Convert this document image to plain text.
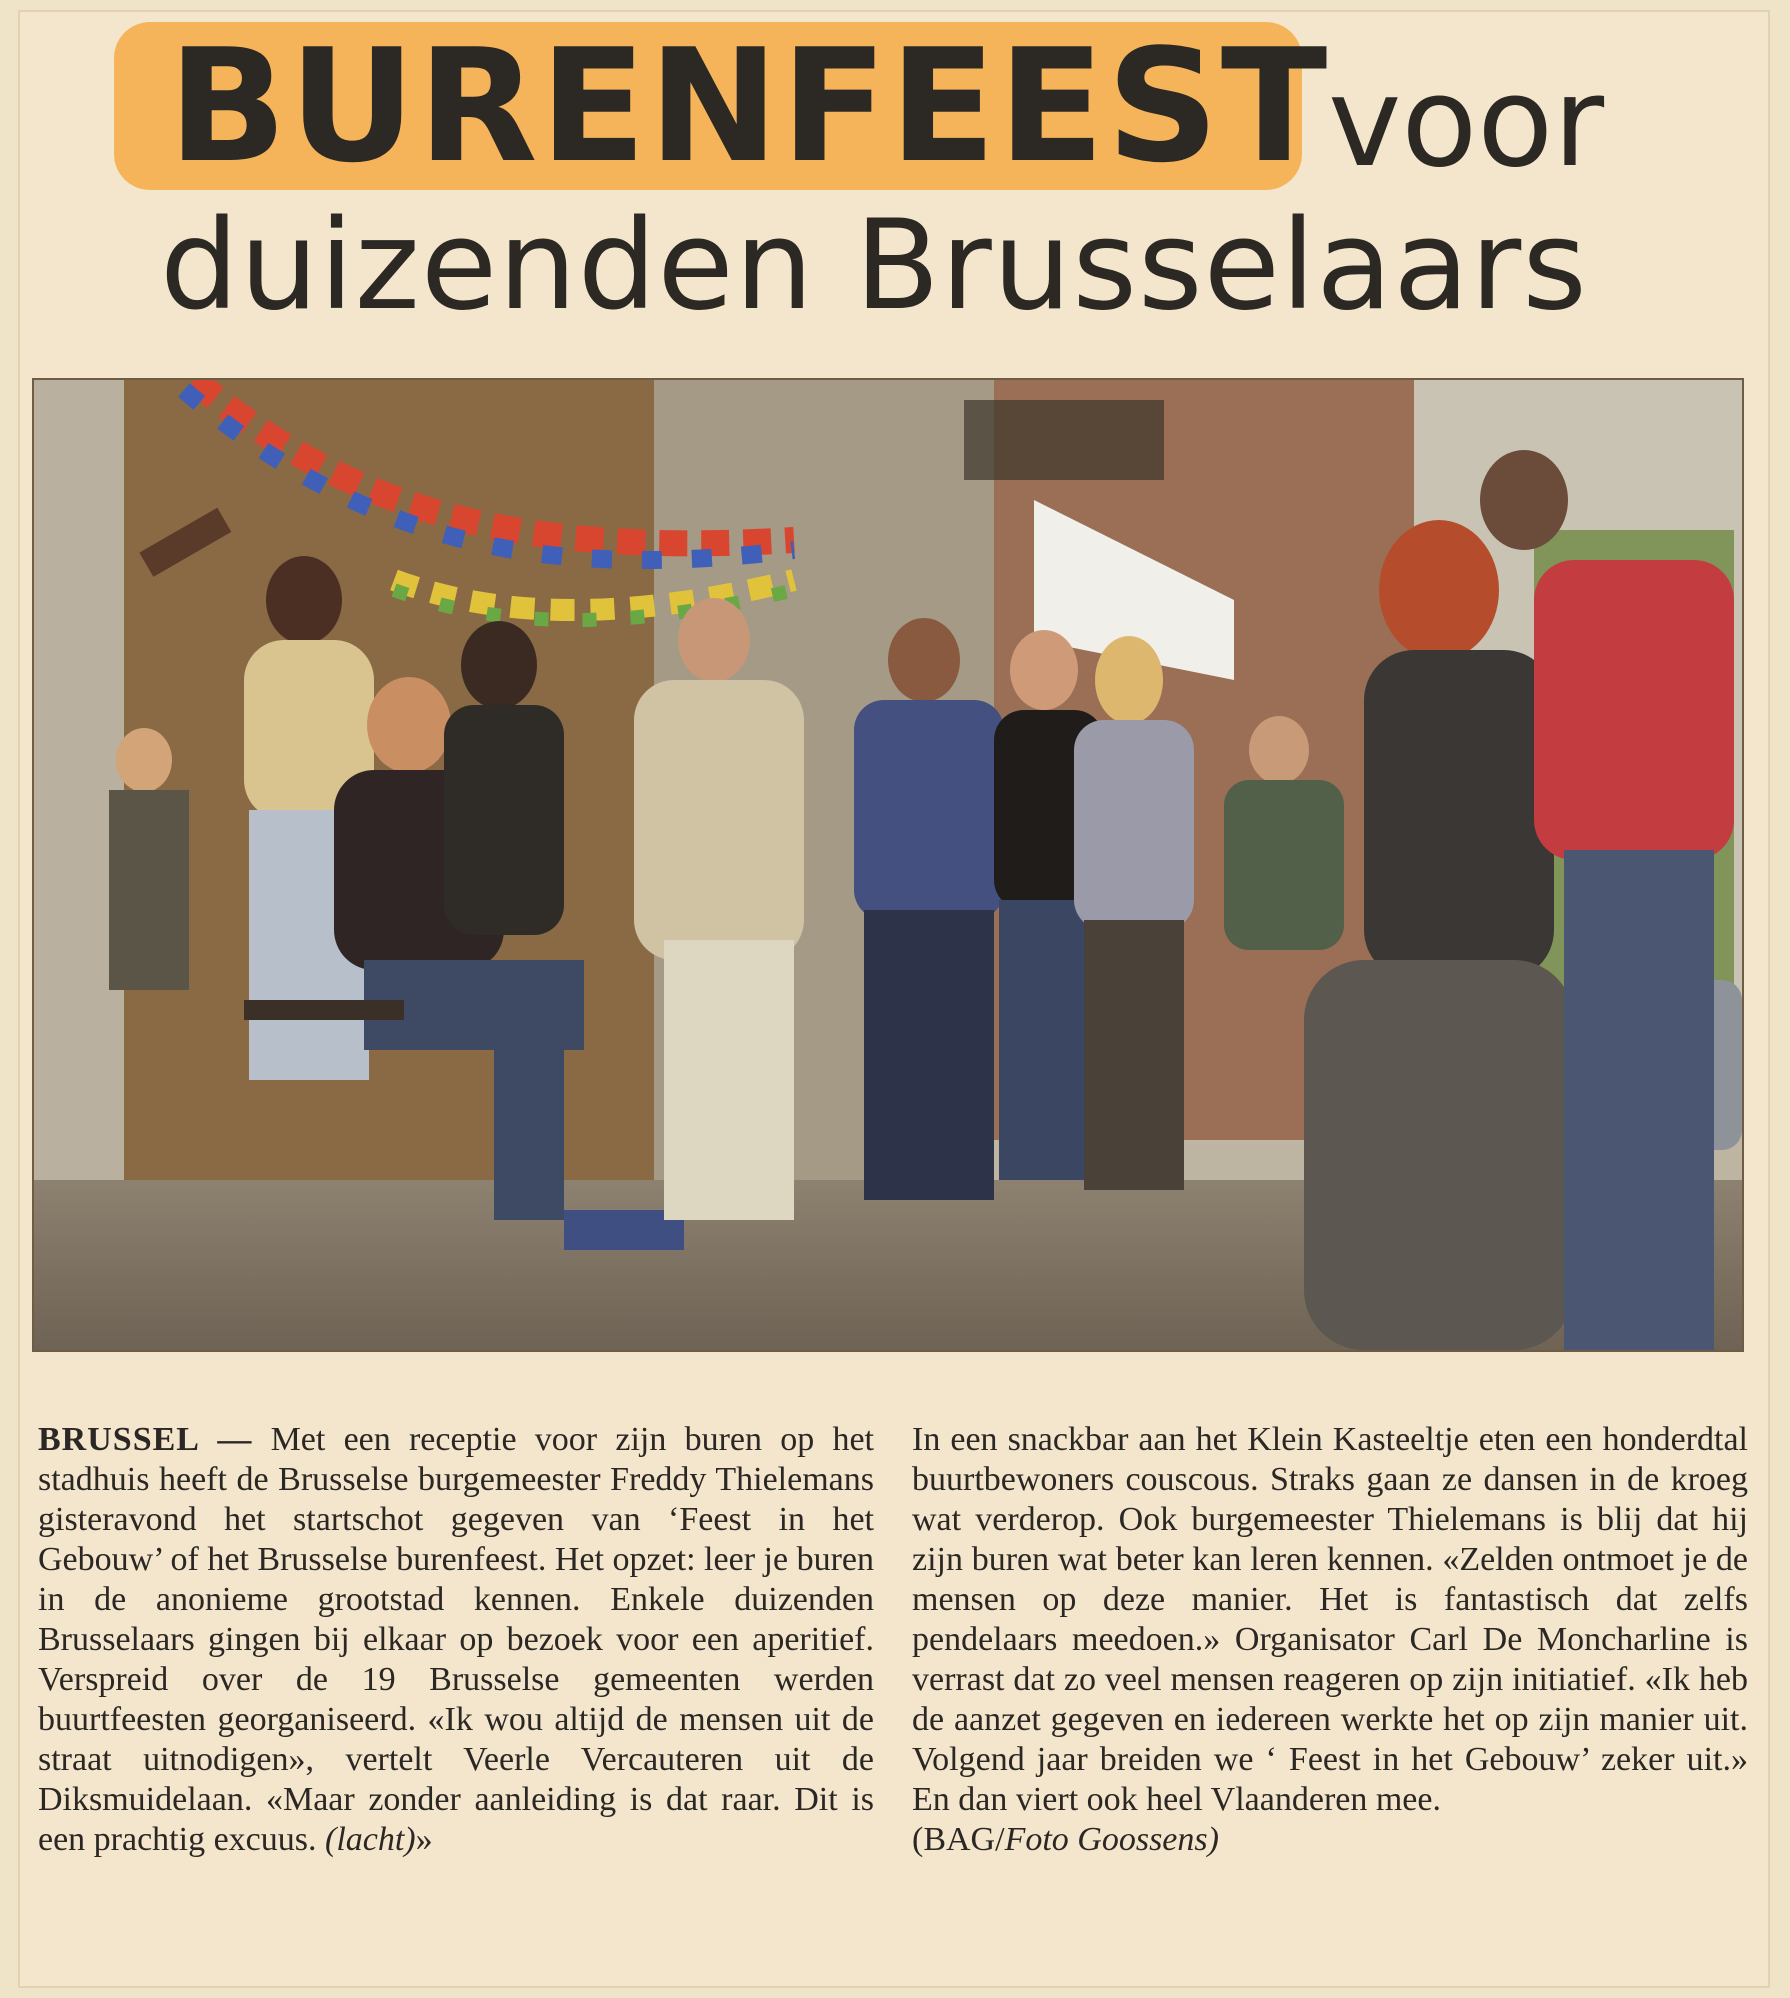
BURENFEEST
voor
duizenden Brusselaars

BRUSSEL — Met een receptie voor zijn buren op het stadhuis heeft de Brusselse burgemeester Freddy Thielemans gisteravond het startschot gegeven van ‘Feest in het Gebouw’ of het Brusselse burenfeest. Het opzet: leer je buren in de anonieme grootstad kennen. Enkele duizenden Brusselaars gingen bij elkaar op bezoek voor een aperitief. Verspreid over de 19 Brusselse gemeenten werden buurtfeesten georganiseerd. «Ik wou altijd de mensen uit de straat uitnodigen», vertelt Veerle Vercauteren uit de Diksmuidelaan. «Maar zonder aanleiding is dat raar. Dit is een prachtig excuus. (lacht)»

In een snackbar aan het Klein Kasteeltje eten een honderdtal buurtbewoners couscous. Straks gaan ze dansen in de kroeg wat verderop. Ook burgemeester Thielemans is blij dat hij zijn buren wat beter kan leren kennen. «Zelden ontmoet je de mensen op deze manier. Het is fantastisch dat zelfs pendelaars meedoen.» Organisator Carl De Moncharline is verrast dat zo veel mensen reageren op zijn initiatief. «Ik heb de aanzet gegeven en iedereen werkte het op zijn manier uit. Volgend jaar breiden we ‘ Feest in het Gebouw’ zeker uit.» En dan viert ook heel Vlaanderen mee.

(BAG/Foto Goossens)
